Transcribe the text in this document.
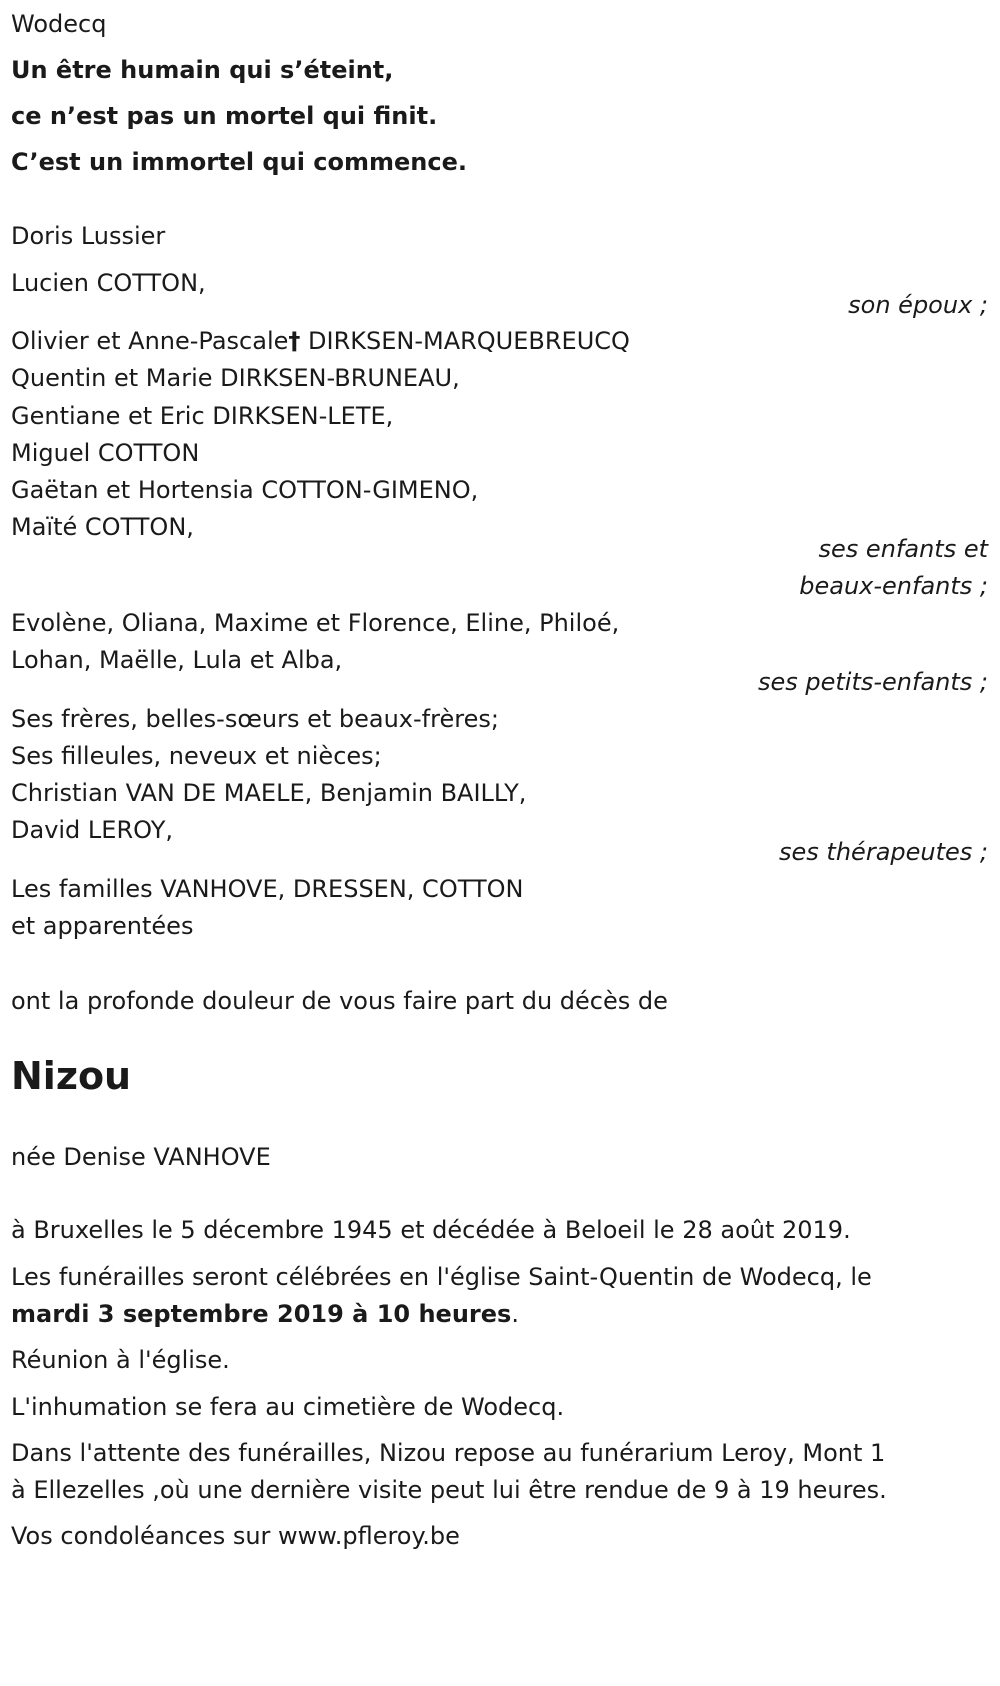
Wodecq
Un être humain qui s’éteint,
ce n’est pas un mortel qui finit.
C’est un immortel qui commence.
Doris Lussier
Lucien COTTON,
son époux ;
Olivier et Anne-Pascale† DIRKSEN-MARQUEBREUCQ
Quentin et Marie DIRKSEN-BRUNEAU,
Gentiane et Eric DIRKSEN-LETE,
Miguel COTTON
Gaëtan et Hortensia COTTON-GIMENO,
Maïté COTTON,
ses enfants et
beaux-enfants ;
Evolène, Oliana, Maxime et Florence, Eline, Philoé,
Lohan, Maëlle, Lula et Alba,
ses petits-enfants ;
Ses frères, belles-sœurs et beaux-frères;
Ses filleules, neveux et nièces;
Christian VAN DE MAELE, Benjamin BAILLY,
David LEROY,
ses thérapeutes ;
Les familles VANHOVE, DRESSEN, COTTON
et apparentées
ont la profonde douleur de vous faire part du décès de
Nizou
née Denise VANHOVE
à Bruxelles le 5 décembre 1945 et décédée à Beloeil le 28 août 2019.
Les funérailles seront célébrées en l'église Saint-Quentin de Wodecq, le
mardi 3 septembre 2019 à 10 heures.
Réunion à l'église.
L'inhumation se fera au cimetière de Wodecq.
Dans l'attente des funérailles, Nizou repose au funérarium Leroy, Mont 1
à Ellezelles ,où une dernière visite peut lui être rendue de 9 à 19 heures.
Vos condoléances sur www.pfleroy.be
